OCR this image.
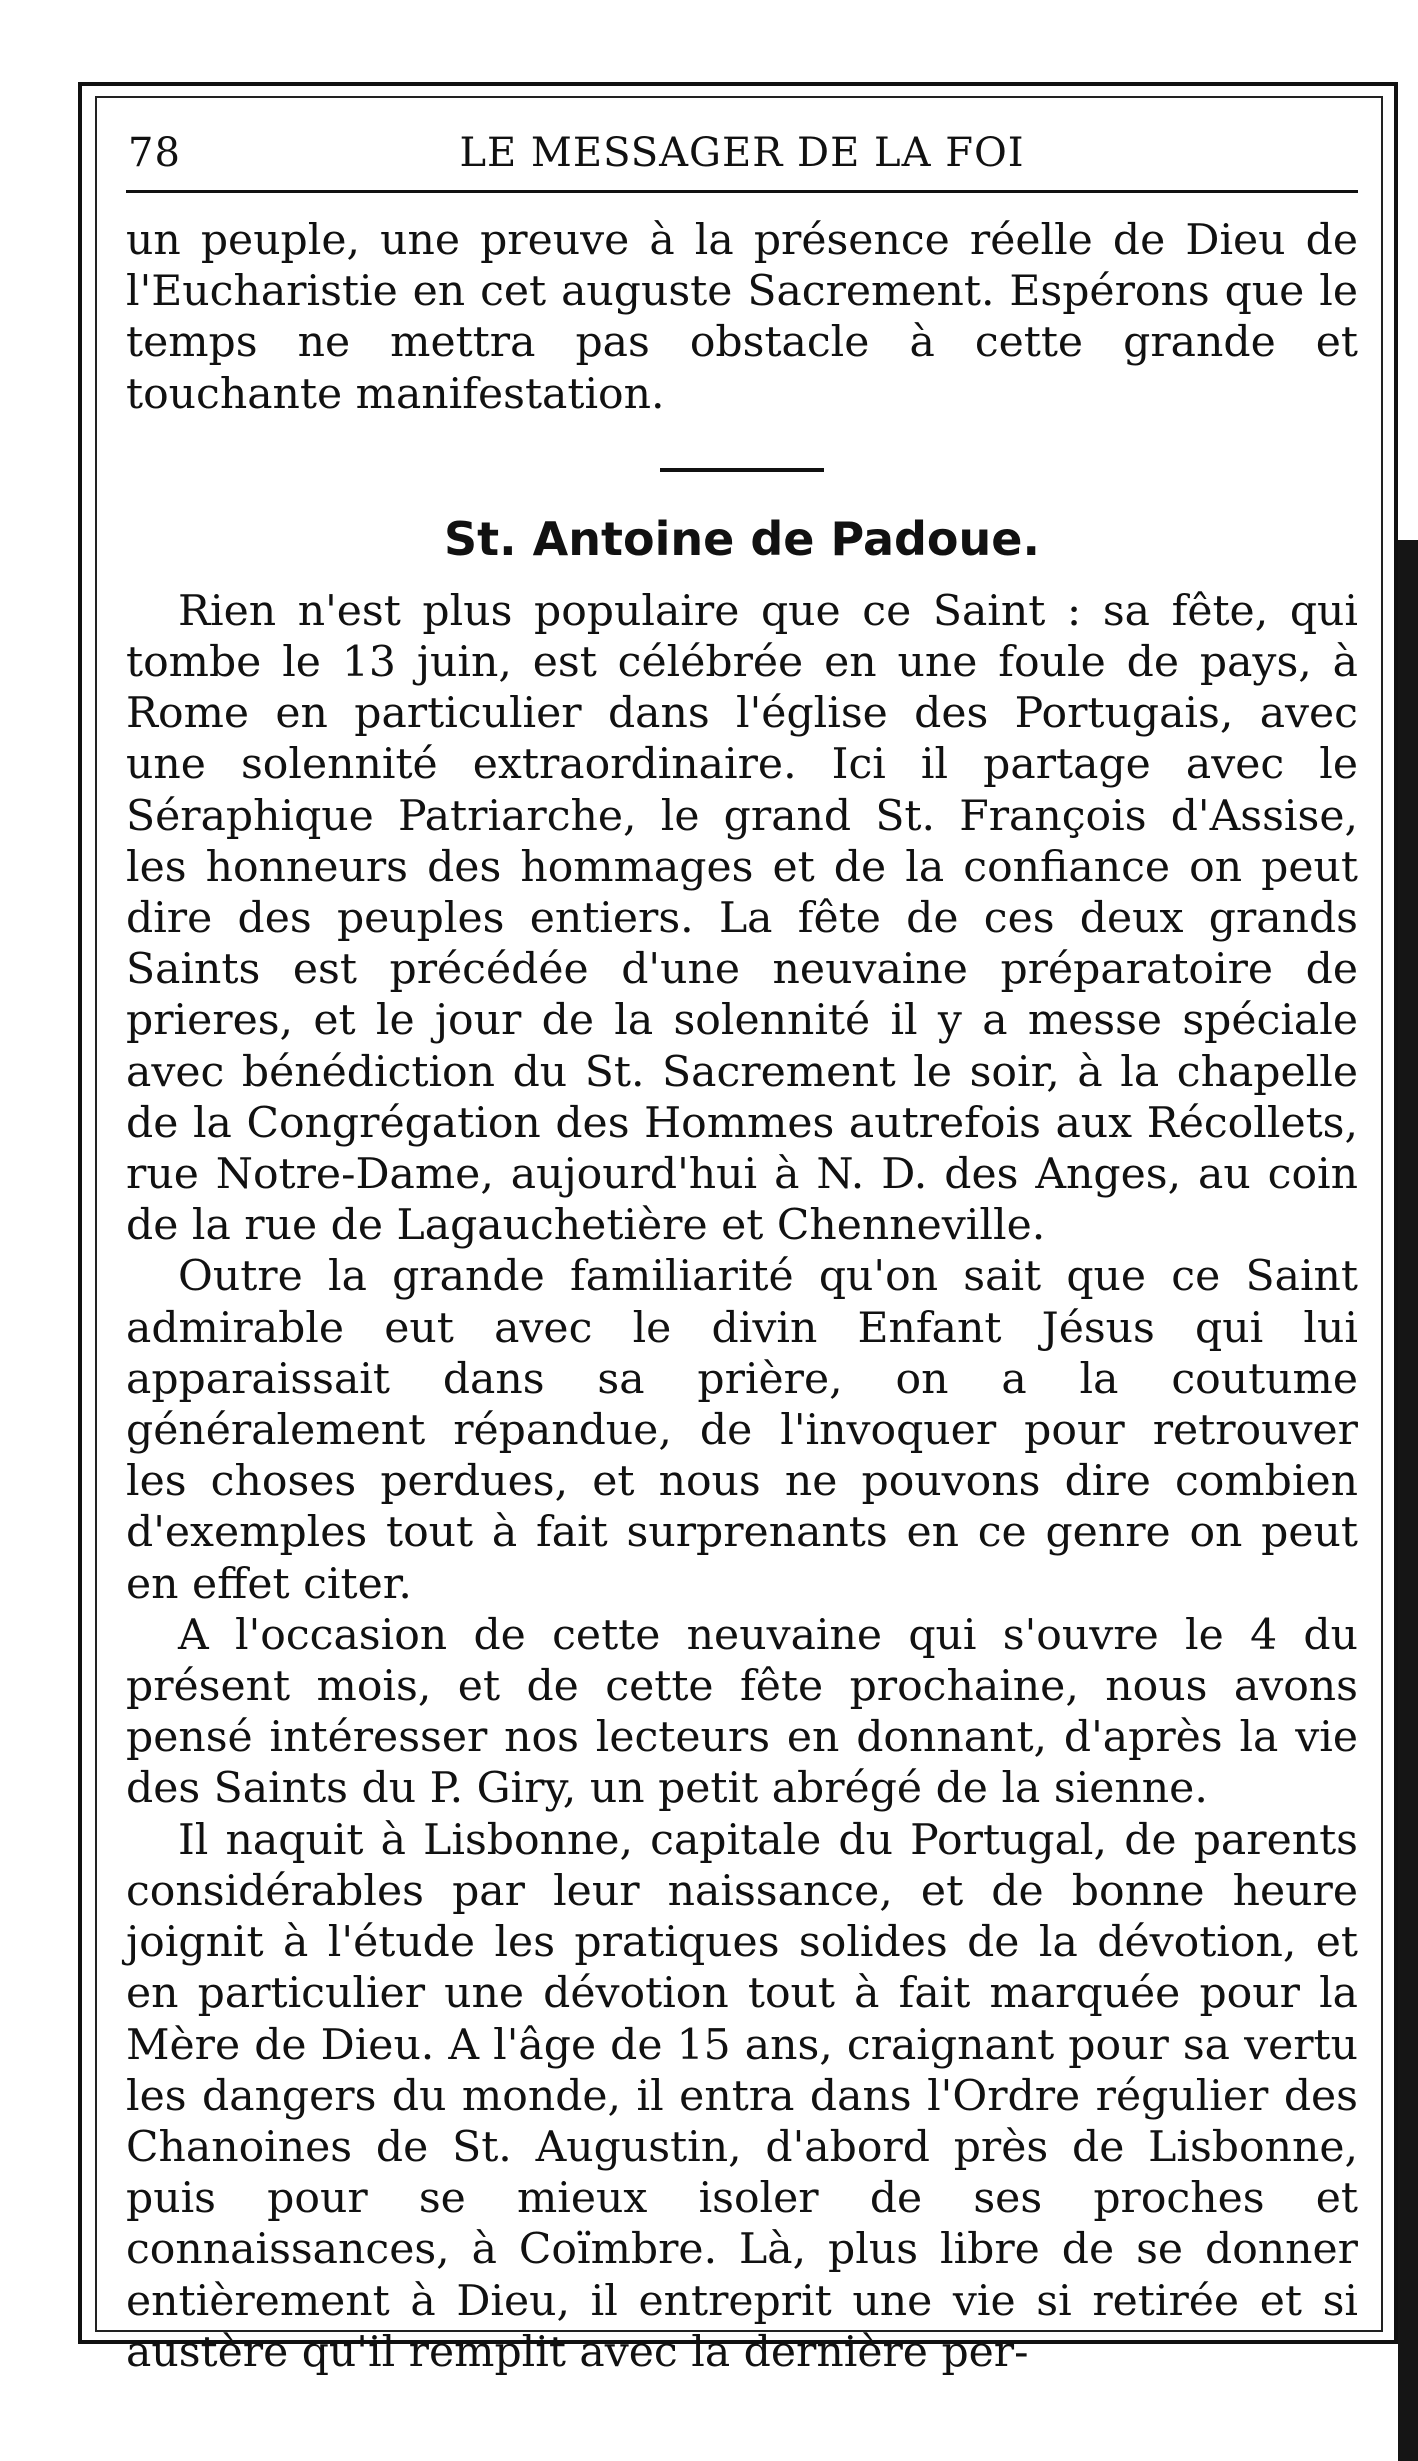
78	LE MESSAGER DE LA FOI

un peuple, une preuve à la présence réelle de Dieu de l'Eucharistie en cet auguste Sacrement. Espérons que le temps ne mettra pas obstacle à cette grande et touchante manifestation.

St. Antoine de Padoue.

Rien n'est plus populaire que ce Saint : sa fête, qui tombe le 13 juin, est célébrée en une foule de pays, à Rome en particulier dans l'église des Portugais, avec une solennité extraordinaire. Ici il partage avec le Séraphique Patriarche, le grand St. François d'Assise, les honneurs des hommages et de la confiance on peut dire des peuples entiers. La fête de ces deux grands Saints est précédée d'une neuvaine préparatoire de prieres, et le jour de la solennité il y a messe spéciale avec bénédiction du St. Sacrement le soir, à la chapelle de la Congrégation des Hommes autrefois aux Récollets, rue Notre-Dame, aujourd'hui à N. D. des Anges, au coin de la rue de Lagauchetière et Chenneville.

Outre la grande familiarité qu'on sait que ce Saint admirable eut avec le divin Enfant Jésus qui lui apparaissait dans sa prière, on a la coutume généralement répandue, de l'invoquer pour retrouver les choses perdues, et nous ne pouvons dire combien d'exemples tout à fait surprenants en ce genre on peut en effet citer.

A l'occasion de cette neuvaine qui s'ouvre le 4 du présent mois, et de cette fête prochaine, nous avons pensé intéresser nos lecteurs en donnant, d'après la vie des Saints du P. Giry, un petit abrégé de la sienne.

Il naquit à Lisbonne, capitale du Portugal, de parents considérables par leur naissance, et de bonne heure joignit à l'étude les pratiques solides de la dévotion, et en particulier une dévotion tout à fait marquée pour la Mère de Dieu. A l'âge de 15 ans, craignant pour sa vertu les dangers du monde, il entra dans l'Ordre régulier des Chanoines de St. Augustin, d'abord près de Lisbonne, puis pour se mieux isoler de ses proches et connaissances, à Coïmbre. Là, plus libre de se donner entièrement à Dieu, il entreprit une vie si retirée et si austère qu'il remplit avec la dernière per-
